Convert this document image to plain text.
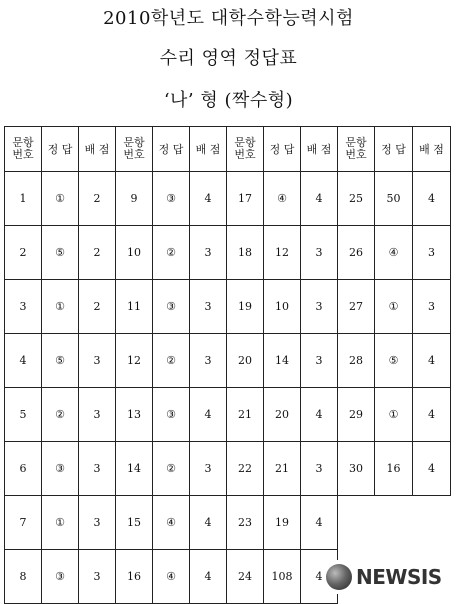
2010학년도 대학수학능력시험
수리 영역 정답표
‘나’ 형 (짝수형)
문항번호	정 답	배 점	문항번호	정 답	배 점	문항번호	정 답	배 점	문항번호	정 답	배 점
1	①	2	9	③	4	17	④	4	25	50	4
2	⑤	2	10	②	3	18	12	3	26	④	3
3	①	2	11	③	3	19	10	3	27	①	3
4	⑤	3	12	②	3	20	14	3	28	⑤	4
5	②	3	13	③	4	21	20	4	29	①	4
6	③	3	14	②	3	22	21	3	30	16	4
7	①	3	15	④	4	23	19	4			
8	③	3	16	④	4	24	108	4			NEWSIS
